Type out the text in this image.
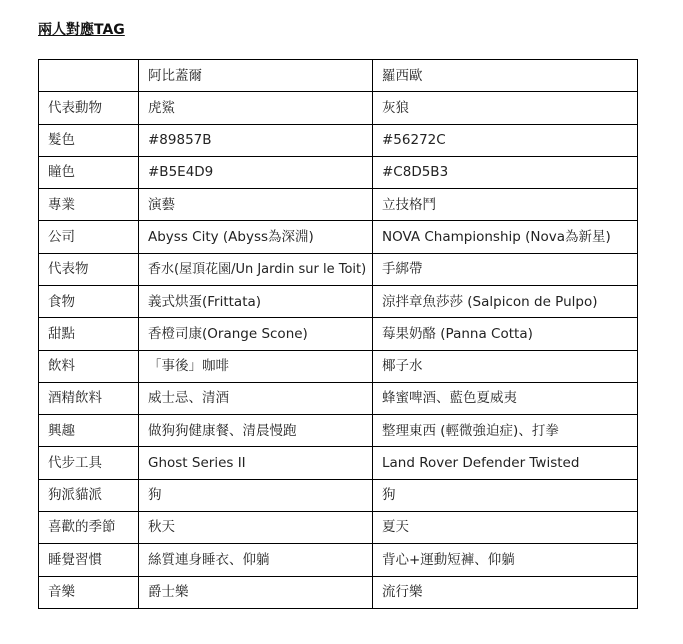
兩人對應TAG
	阿比蓋爾	羅西歐
代表動物	虎鯊	灰狼
髮色	#89857B	#56272C
瞳色	#B5E4D9	#C8D5B3
專業	演藝	立技格鬥
公司	Abyss City (Abyss為深淵)	NOVA Championship (Nova為新星)
代表物	香水(屋頂花園/Un Jardin sur le Toit)	手綁帶
食物	義式烘蛋(Frittata)	涼拌章魚莎莎 (Salpicon de Pulpo)
甜點	香橙司康(Orange Scone)	莓果奶酪 (Panna Cotta)
飲料	「事後」咖啡	椰子水
酒精飲料	威士忌、清酒	蜂蜜啤酒、藍色夏威夷
興趣	做狗狗健康餐、清晨慢跑	整理東西 (輕微強迫症)、打拳
代步工具	Ghost Series II	Land Rover Defender Twisted
狗派貓派	狗	狗
喜歡的季節	秋天	夏天
睡覺習慣	絲質連身睡衣、仰躺	背心+運動短褲、仰躺
音樂	爵士樂	流行樂
